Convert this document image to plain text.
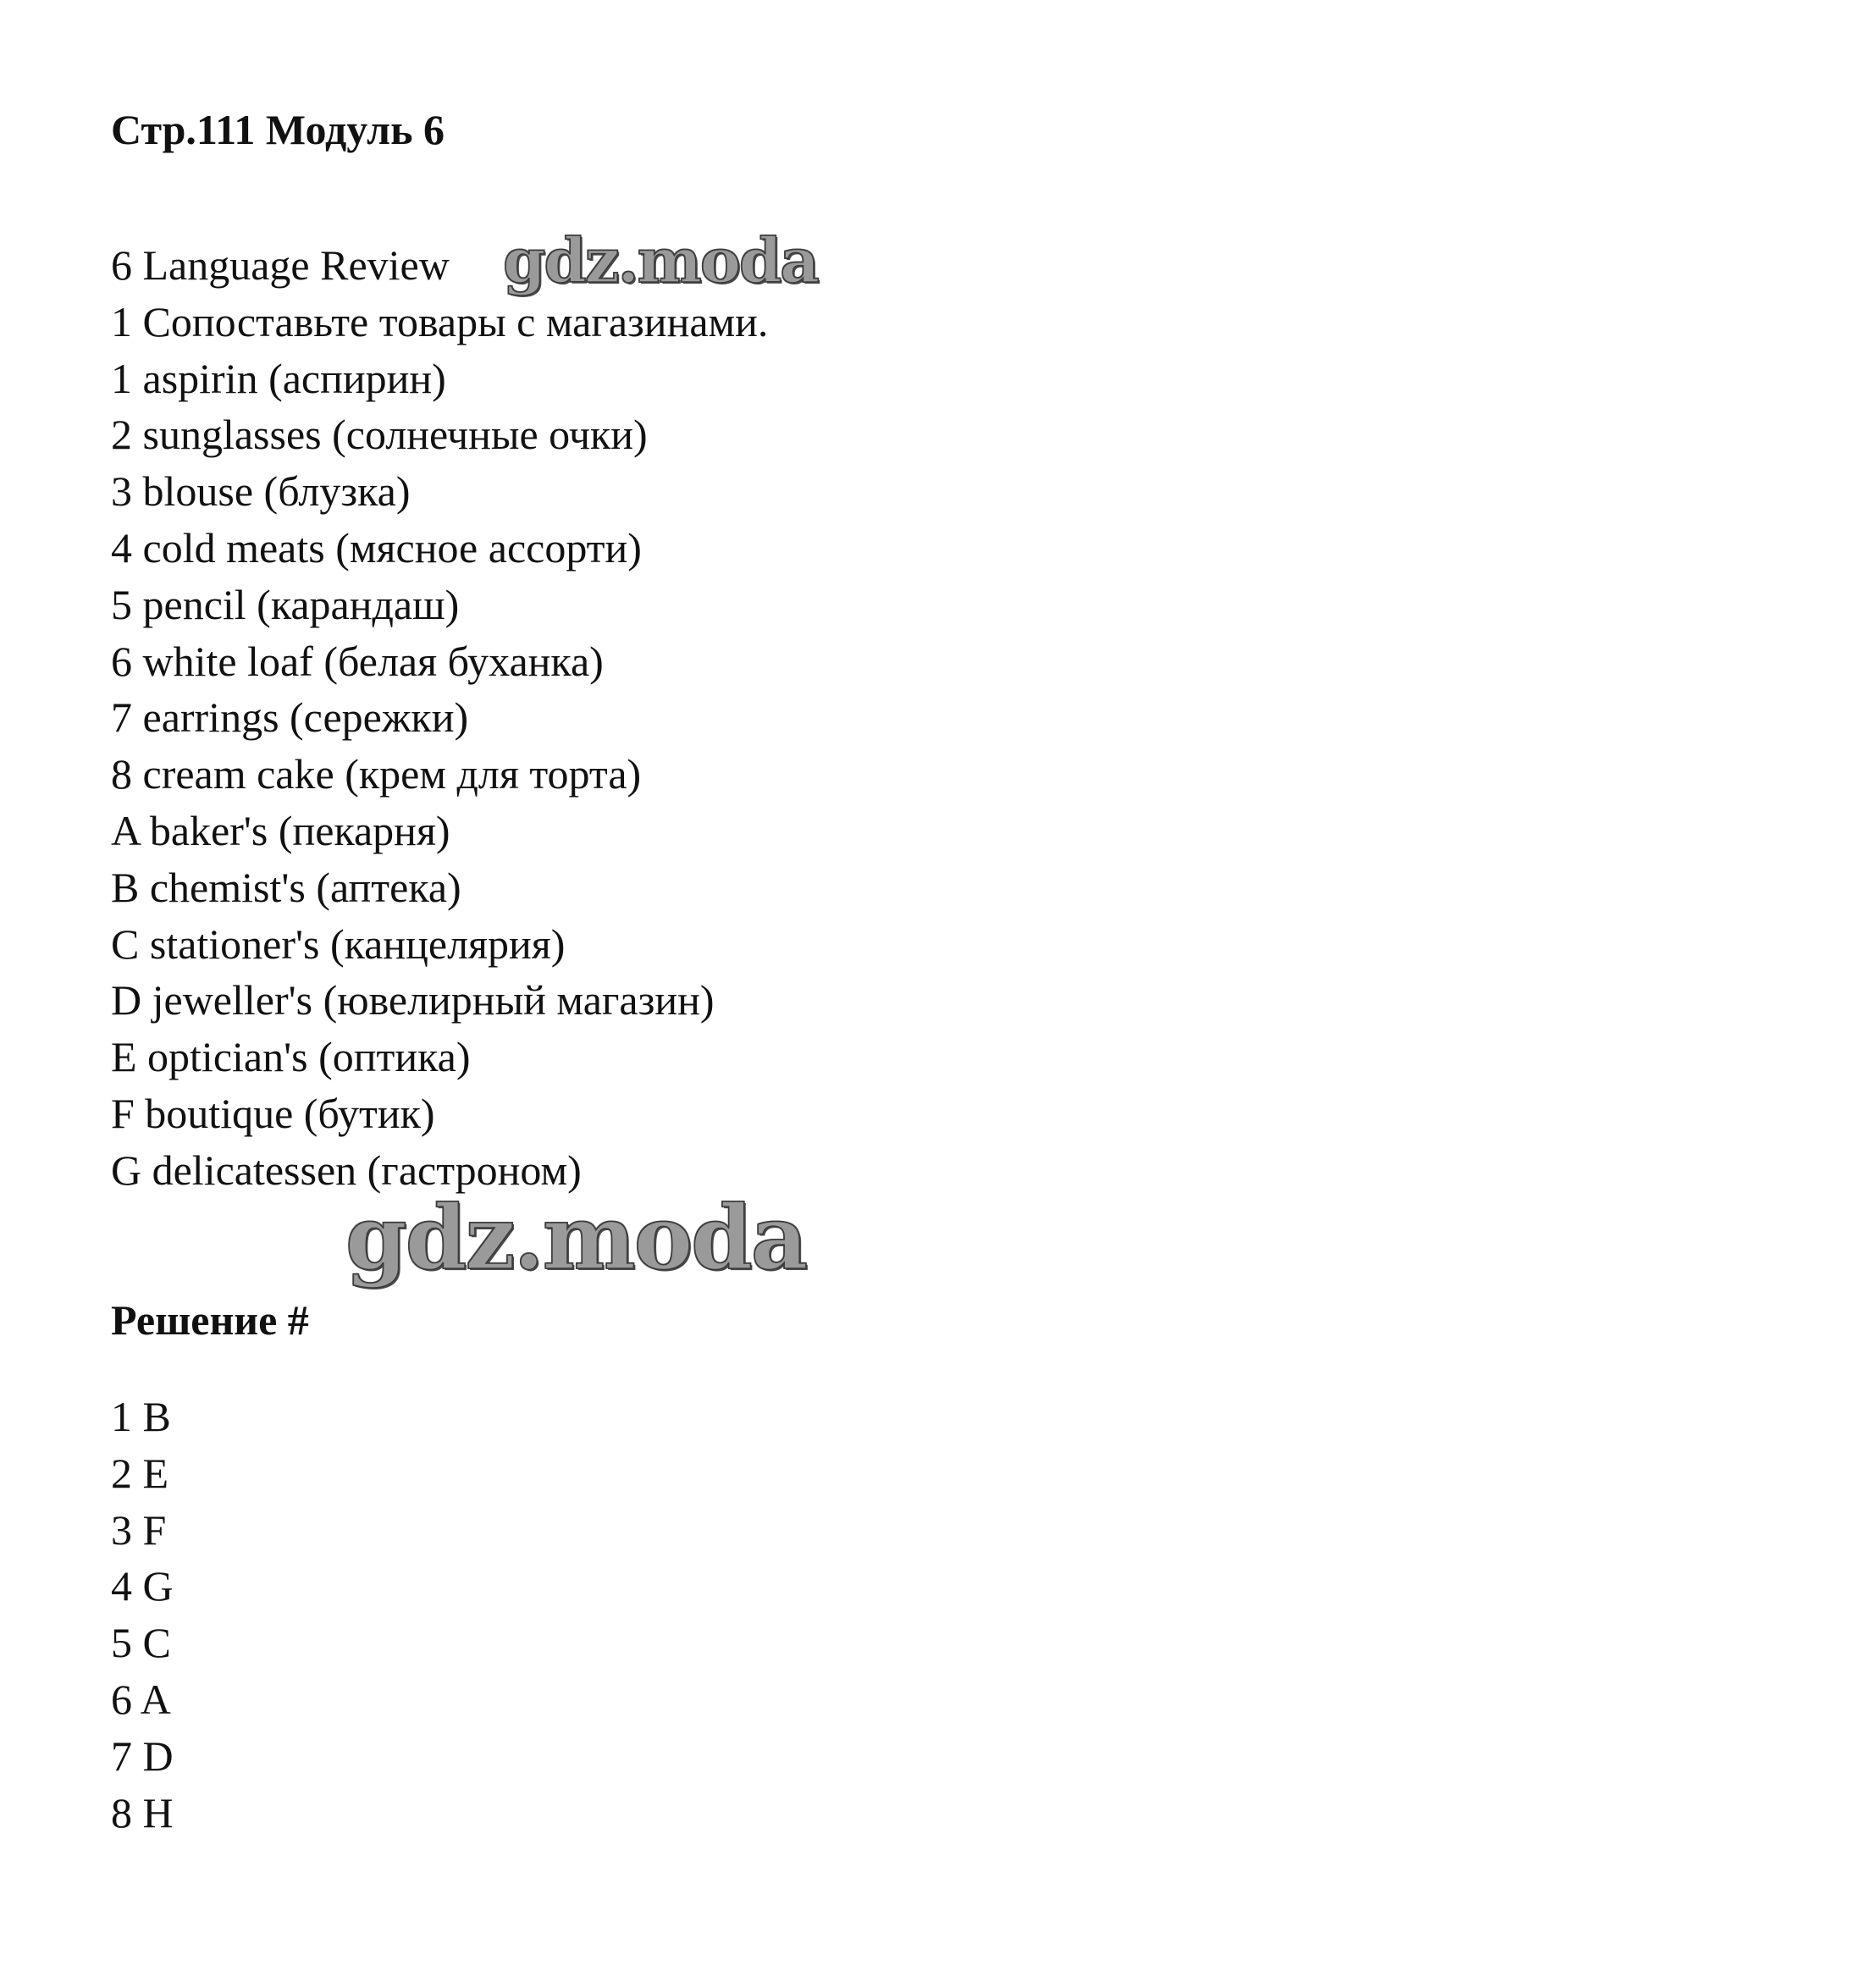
Стр.111 Модуль 6
6 Language Review
1 Сопоставьте товары с магазинами.
1 aspirin (аспирин)
2 sunglasses (солнечные очки)
3 blouse (блузка)
4 cold meats (мясное ассорти)
5 pencil (карандаш)
6 white loaf (белая буханка)
7 earrings (сережки)
8 cream cake (крем для торта)
A baker's (пекарня)
B chemist's (аптека)
C stationer's (канцелярия)
D jeweller's (ювелирный магазин)
E optician's (оптика)
F boutique (бутик)
G delicatessen (гастроном)
gdz.moda
gdz.moda
Решение #
1 B
2 E
3 F
4 G
5 C
6 A
7 D
8 H
